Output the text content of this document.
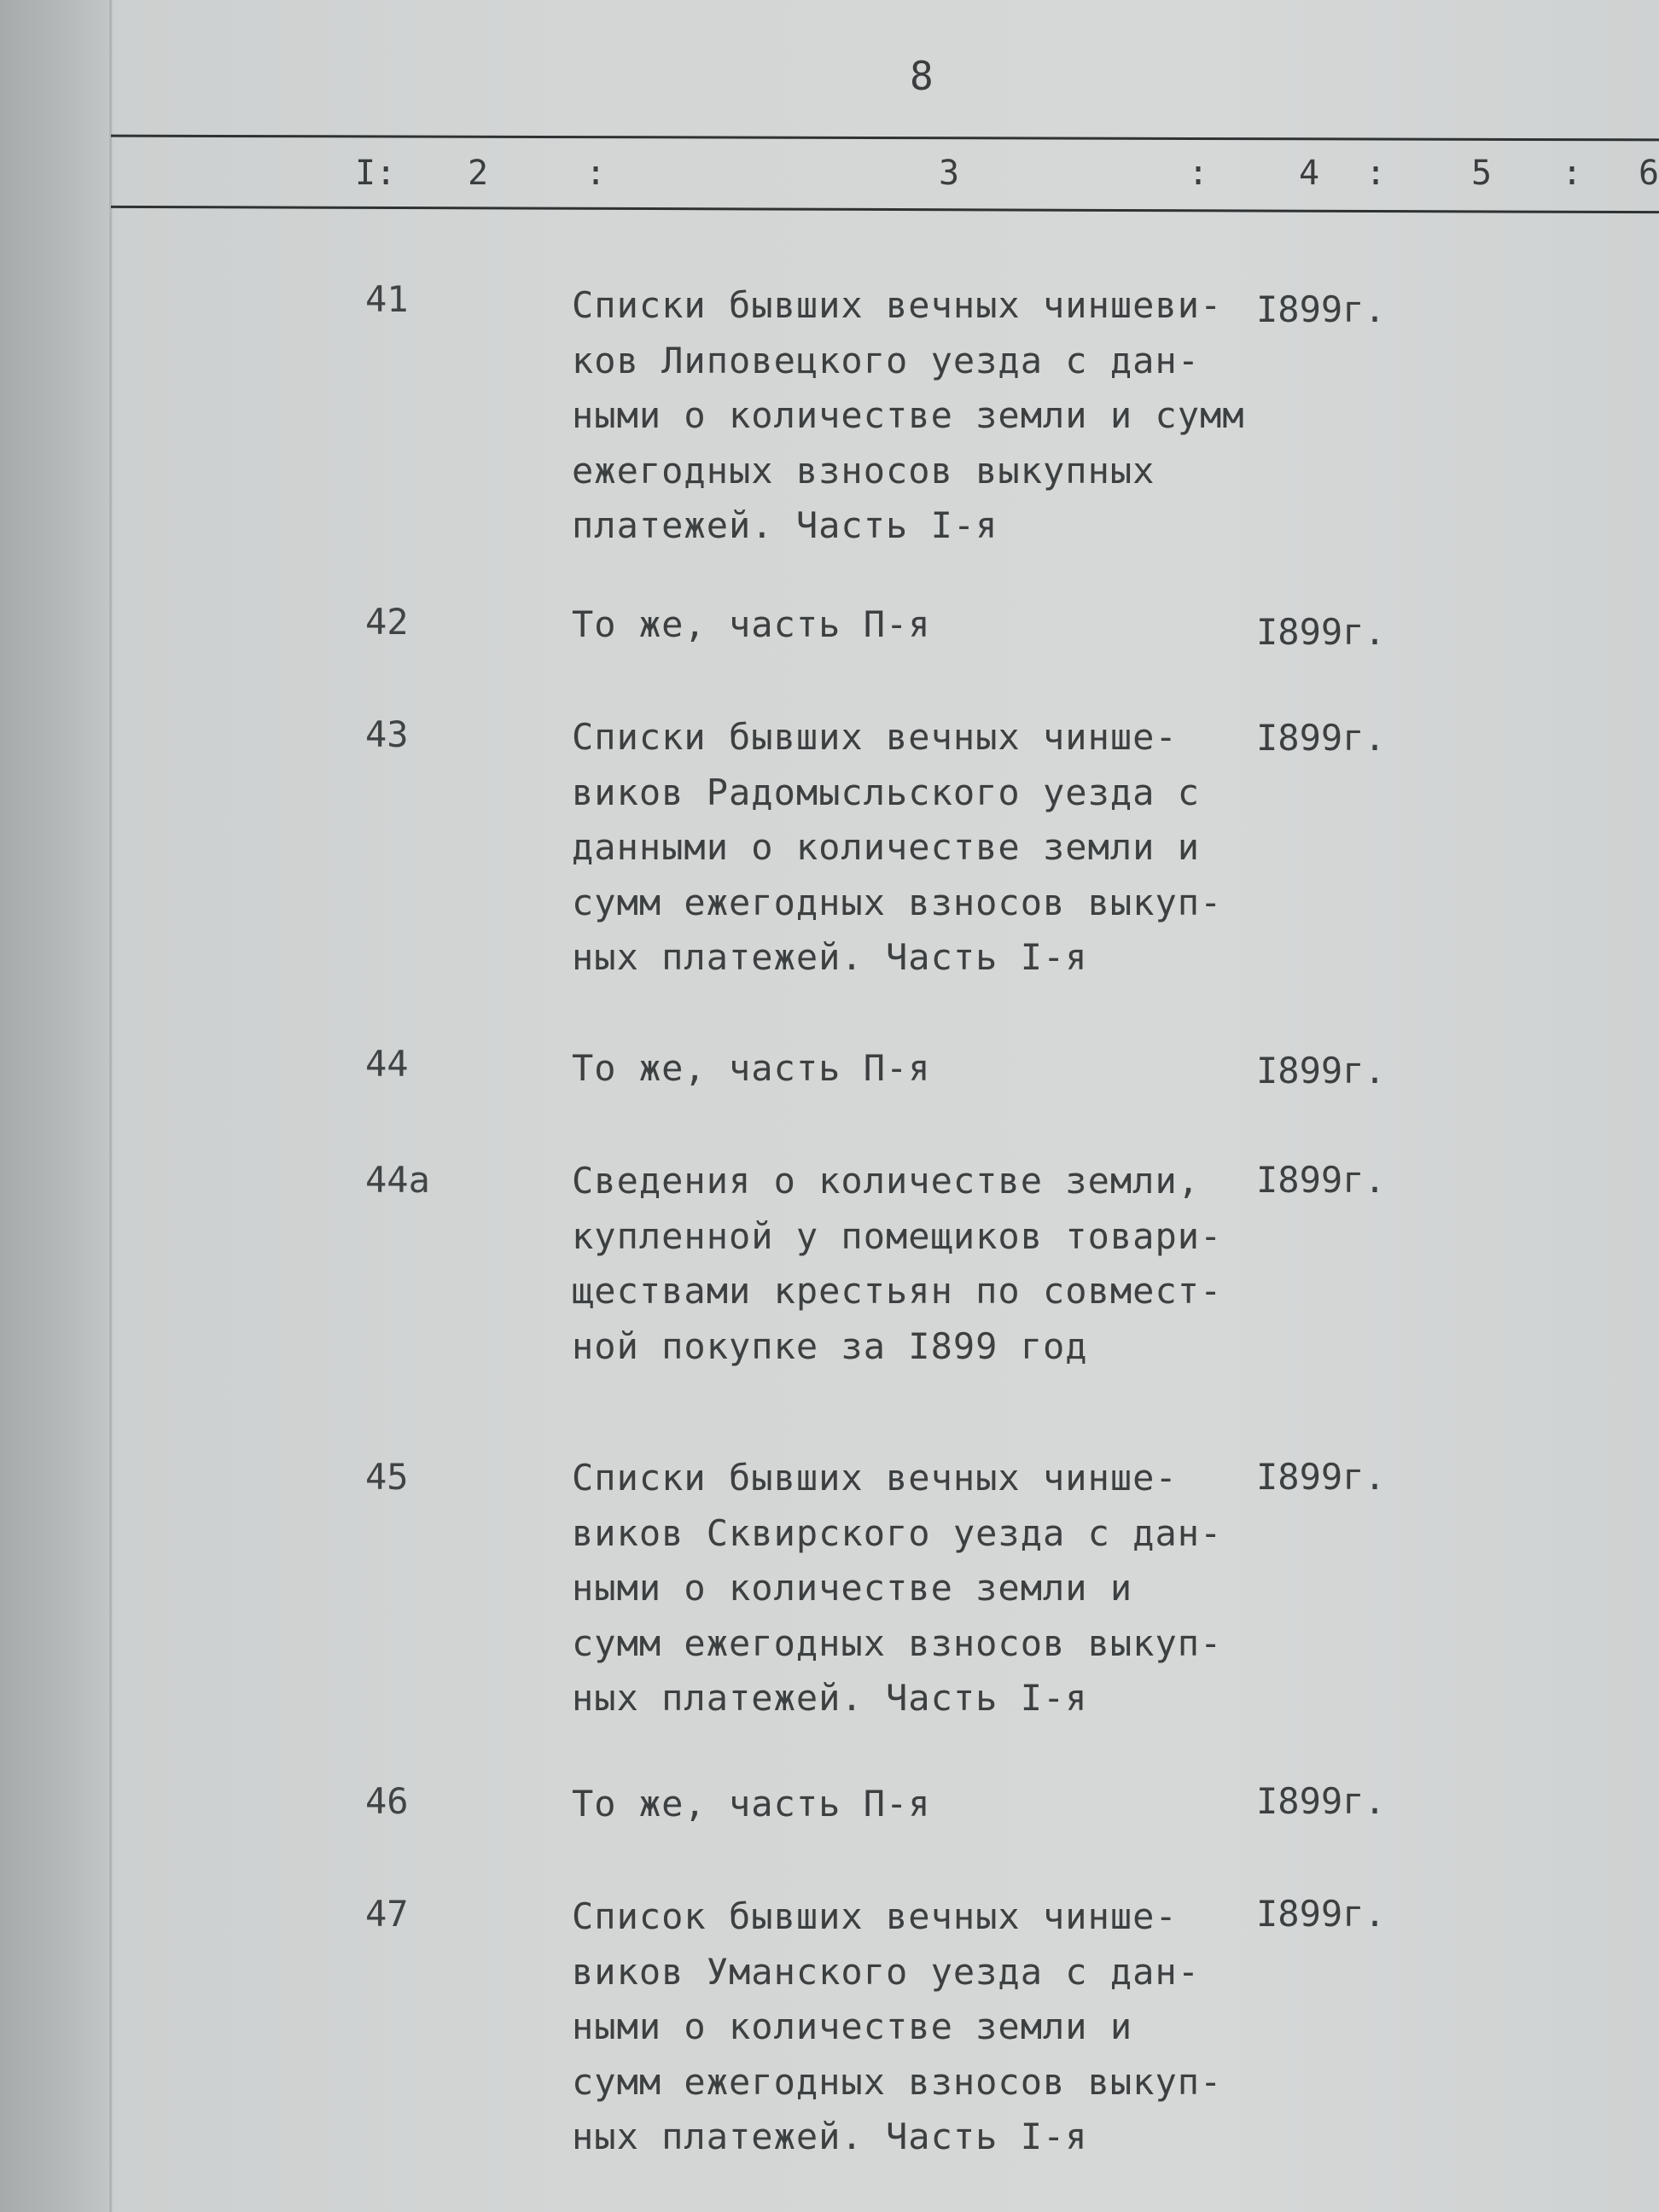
8
I: 2	:	3	:	4 : 5 : 6
41	Списки бывших вечных чиншеви-
ков Липовецкого уезда с дан-
ными о количестве земли и сумм
ежегодных взносов выкупных
платежей. Часть I-я
I899г.
42	То же, часть П-я	I899г.
43	Списки бывших вечных чинше-
виков Радомысльского уезда с
данными о количестве земли и
сумм ежегодных взносов выкуп-
ных платежей. Часть I-я
I899г.
44	То же, часть П-я	I899г.
44а	Сведения о количестве земли,
купленной у помещиков товари-
ществами крестьян по совмест-
ной покупке за I899 год
I899г.
45	Списки бывших вечных чинше-
виков Сквирского уезда с дан-
ными о количестве земли и
сумм ежегодных взносов выкуп-
ных платежей. Часть I-я
I899г.
46	То же, часть П-я	I899г.
47	Список бывших вечных чинше-
виков Уманского уезда с дан-
ными о количестве земли и
сумм ежегодных взносов выкуп-
ных платежей. Часть I-я
I899г.
